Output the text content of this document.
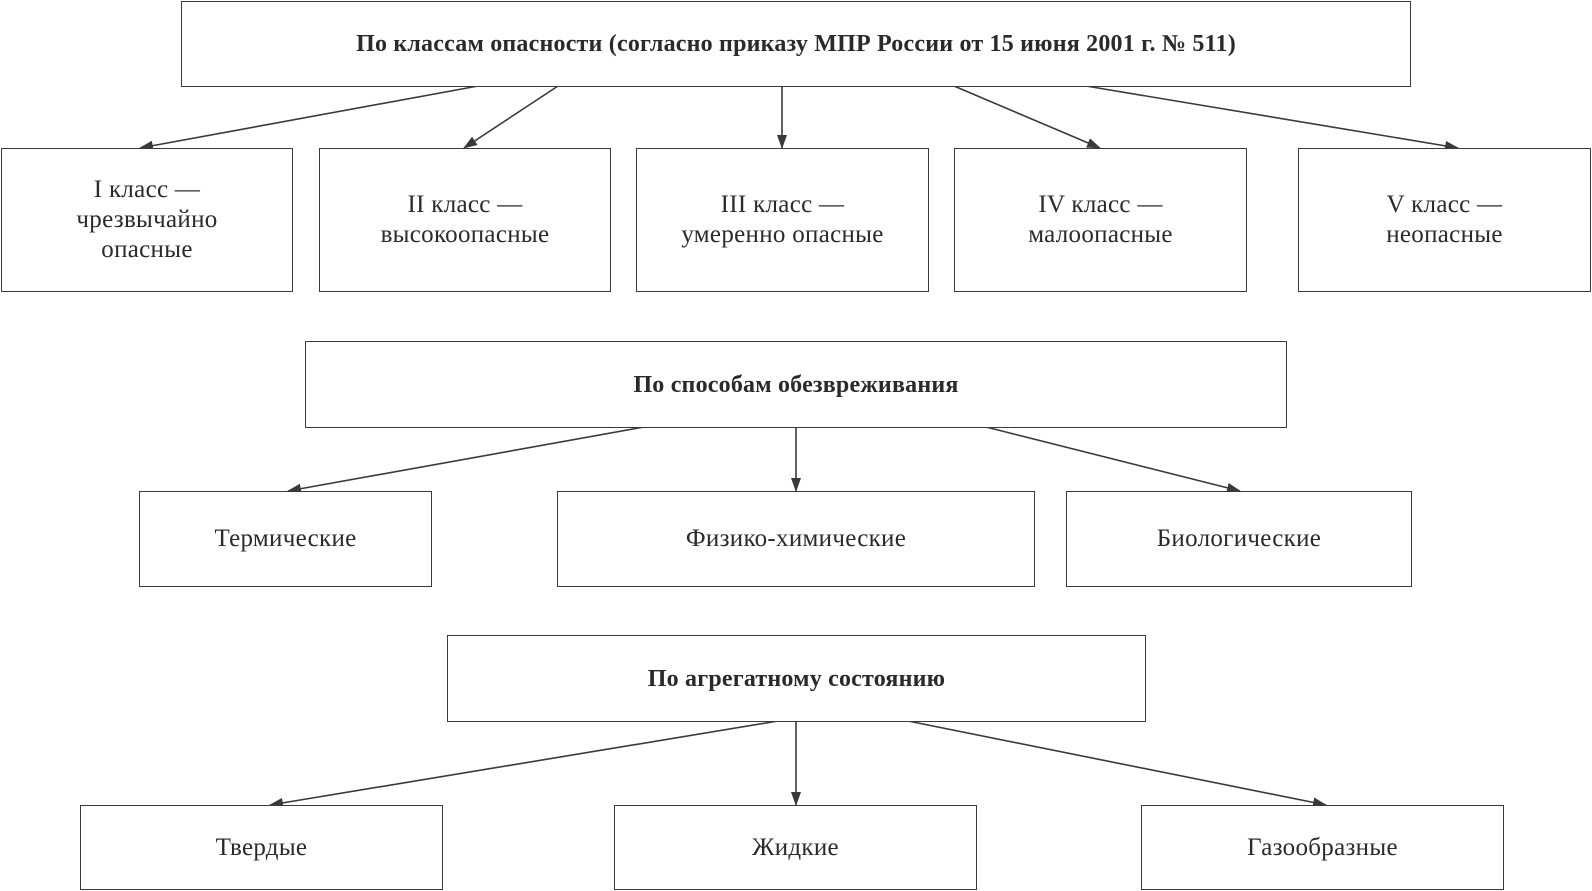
По классам опасности (согласно приказу МПР России от 15 июня 2001 г. № 511)
I класс —
чрезвычайно
опасные
II класс —
высокоопасные
III класс —
умеренно опасные
IV класс —
малоопасные
V класс —
неопасные
По способам обезвреживания
Термические	Физико-химические	Биологические
По агрегатному состоянию
Твердые	Жидкие	Газообразные
